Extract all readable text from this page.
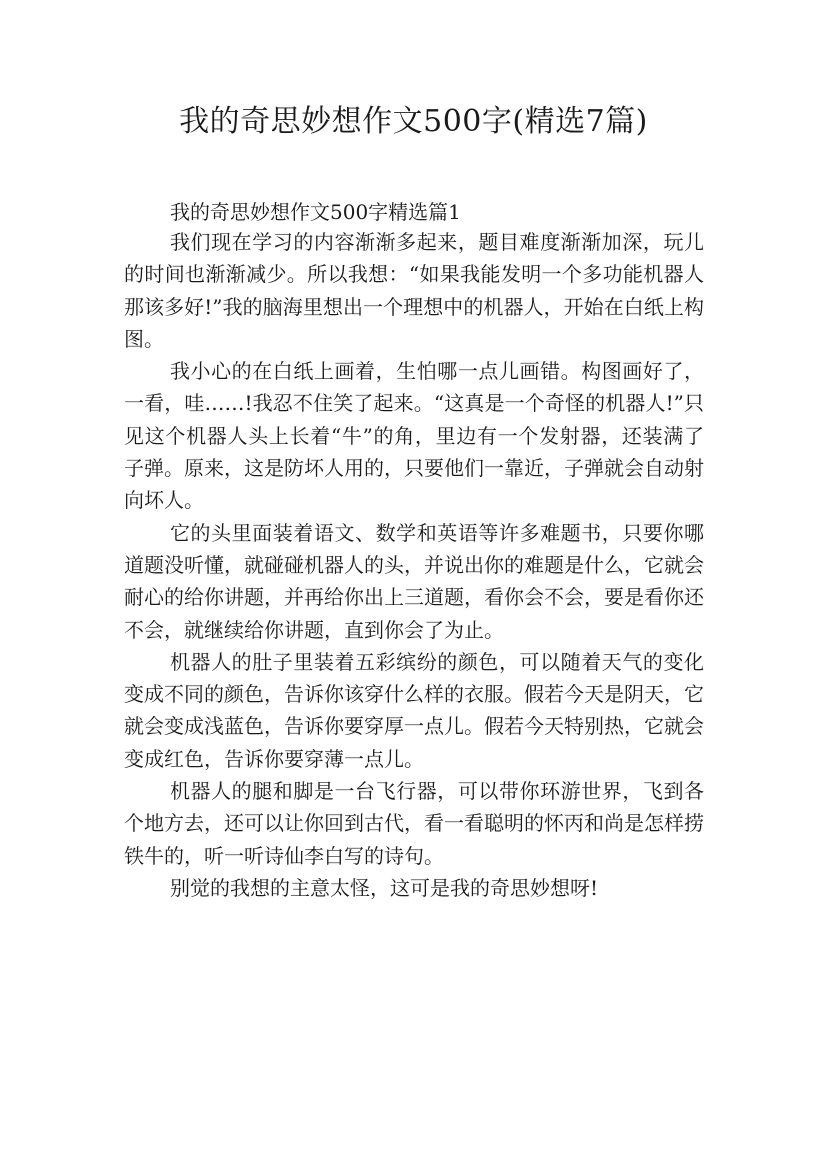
我的奇思妙想作文500字(精选7篇)

我的奇思妙想作文500字精选篇1

我们现在学习的内容渐渐多起来，题目难度渐渐加深，玩儿的时间也渐渐减少。所以我想：“如果我能发明一个多功能机器人那该多好!”我的脑海里想出一个理想中的机器人，开始在白纸上构图。

我小心的在白纸上画着，生怕哪一点儿画错。构图画好了，一看，哇……!我忍不住笑了起来。“这真是一个奇怪的机器人!”只见这个机器人头上长着“牛”的角，里边有一个发射器，还装满了子弹。原来，这是防坏人用的，只要他们一靠近，子弹就会自动射向坏人。

它的头里面装着语文、数学和英语等许多难题书，只要你哪道题没听懂，就碰碰机器人的头，并说出你的难题是什么，它就会耐心的给你讲题，并再给你出上三道题，看你会不会，要是看你还不会，就继续给你讲题，直到你会了为止。

机器人的肚子里装着五彩缤纷的颜色，可以随着天气的变化变成不同的颜色，告诉你该穿什么样的衣服。假若今天是阴天，它就会变成浅蓝色，告诉你要穿厚一点儿。假若今天特别热，它就会变成红色，告诉你要穿薄一点儿。

机器人的腿和脚是一台飞行器，可以带你环游世界，飞到各个地方去，还可以让你回到古代，看一看聪明的怀丙和尚是怎样捞铁牛的，听一听诗仙李白写的诗句。

别觉的我想的主意太怪，这可是我的奇思妙想呀!
